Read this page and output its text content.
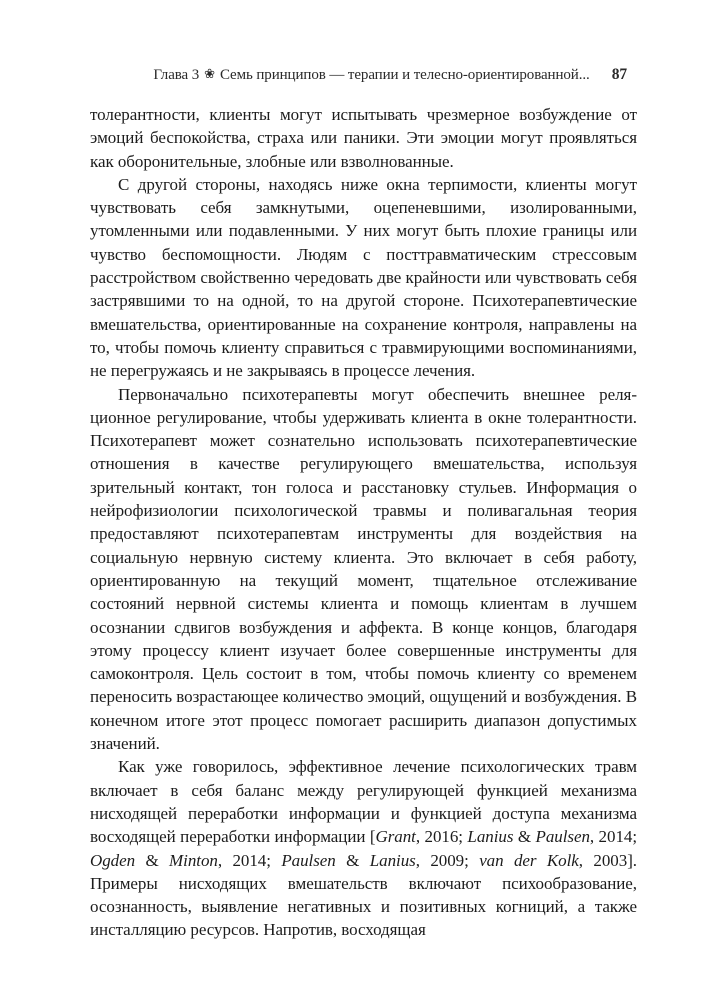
Глава 3 ❀ Семь принципов — терапии и телесно-ориентированной... 87

толерантности, клиенты могут испытывать чрезмерное возбуждение от эмоций беспокойства, страха или паники. Эти эмоции могут проявляться как оборонительные, злобные или взволнованные.

С другой стороны, находясь ниже окна терпимости, клиенты могут чувствовать себя замкнутыми, оцепеневшими, изолированными, утомленными или подавленными. У них могут быть плохие границы или чувство беспомощности. Людям с посттравматическим стрессовым расстройством свойственно чередовать две крайности или чувствовать себя застрявшими то на одной, то на другой стороне. Психотерапевтические вмешательства, ориентированные на сохранение контроля, направлены на то, чтобы помочь клиенту справиться с травмирующими воспоминаниями, не перегружаясь и не закрываясь в процессе лечения.

Первоначально психотерапевты могут обеспечить внешнее реляционное регулирование, чтобы удерживать клиента в окне толерантности. Психотерапевт может сознательно использовать психотерапевтические отношения в качестве регулирующего вмешательства, используя зрительный контакт, тон голоса и расстановку стульев. Информация о нейрофизиологии психологической травмы и поливагальная теория предоставляют психотерапевтам инструменты для воздействия на социальную нервную систему клиента. Это включает в себя работу, ориентированную на текущий момент, тщательное отслеживание состояний нервной системы клиента и помощь клиентам в лучшем осознании сдвигов возбуждения и аффекта. В конце концов, благодаря этому процессу клиент изучает более совершенные инструменты для самоконтроля. Цель состоит в том, чтобы помочь клиенту со временем переносить возрастающее количество эмоций, ощущений и возбуждения. В конечном итоге этот процесс помогает расширить диапазон допустимых значений.

Как уже говорилось, эффективное лечение психологических травм включает в себя баланс между регулирующей функцией механизма нисходящей переработки информации и функцией доступа механизма восходящей переработки информации [Grant, 2016; Lanius & Paulsen, 2014; Ogden & Minton, 2014; Paulsen & Lanius, 2009; van der Kolk, 2003]. Примеры нисходящих вмешательств включают психообразование, осознанность, выявление негативных и позитивных когниций, а также инсталляцию ресурсов. Напротив, восходящая
